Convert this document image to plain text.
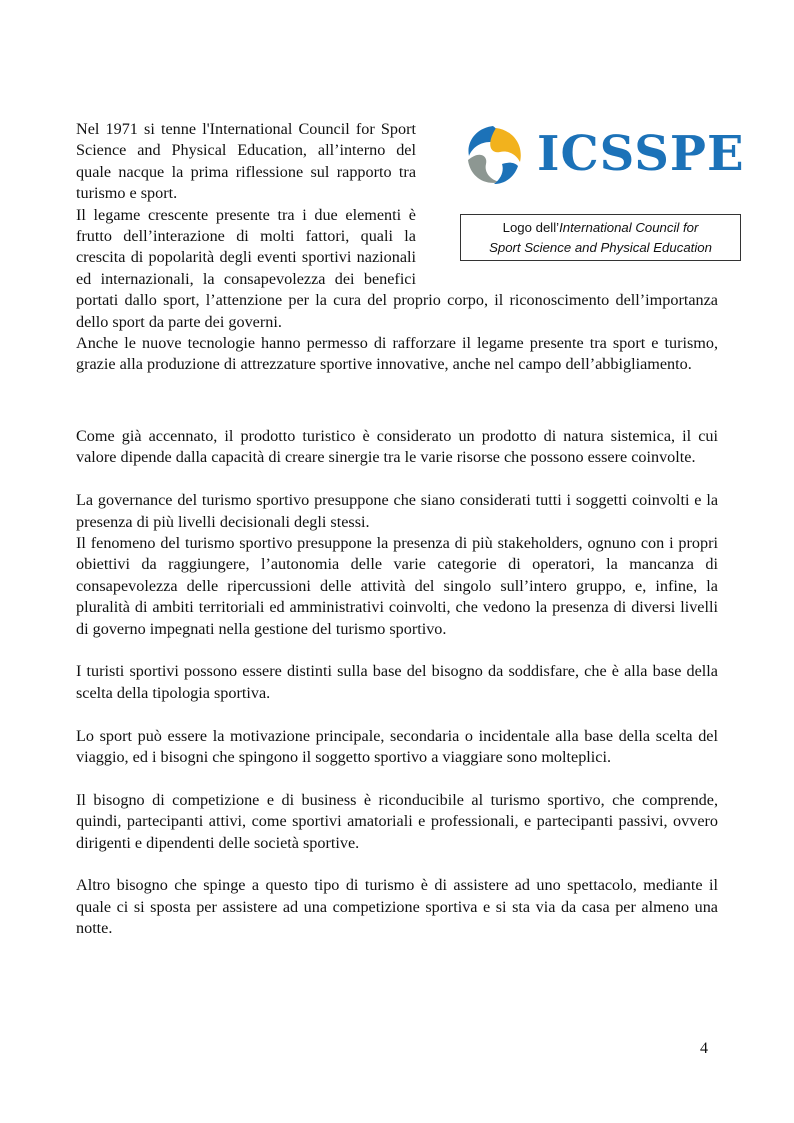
ICSSPE
Logo dell’International Council for
Sport Science and Physical Education

Nel 1971 si tenne l'International Council for Sport Science and Physical Education, all’interno del quale nacque la prima riflessione sul rapporto tra turismo e sport.

Il legame crescente presente tra i due elementi è frutto dell’interazione di molti fattori, quali la crescita di popolarità degli eventi sportivi nazionali ed internazionali, la consapevolezza dei benefici portati dallo sport, l’attenzione per la cura del proprio corpo, il riconoscimento dell’importanza dello sport da parte dei governi.

Anche le nuove tecnologie hanno permesso di rafforzare il legame presente tra sport e turismo, grazie alla produzione di attrezzature sportive innovative, anche nel campo dell’abbigliamento.

Come già accennato, il prodotto turistico è considerato un prodotto di natura sistemica, il cui valore dipende dalla capacità di creare sinergie tra le varie risorse che possono essere coinvolte.

La governance del turismo sportivo presuppone che siano considerati tutti i soggetti coinvolti e la presenza di più livelli decisionali degli stessi.

Il fenomeno del turismo sportivo presuppone la presenza di più stakeholders, ognuno con i propri obiettivi da raggiungere, l’autonomia delle varie categorie di operatori, la mancanza di consapevolezza delle ripercussioni delle attività del singolo sull’intero gruppo, e, infine, la pluralità di ambiti territoriali ed amministrativi coinvolti, che vedono la presenza di diversi livelli di governo impegnati nella gestione del turismo sportivo.

I turisti sportivi possono essere distinti sulla base del bisogno da soddisfare, che è alla base della scelta della tipologia sportiva.

Lo sport può essere la motivazione principale, secondaria o incidentale alla base della scelta del viaggio, ed i bisogni che spingono il soggetto sportivo a viaggiare sono molteplici.

Il bisogno di competizione e di business è riconducibile al turismo sportivo, che comprende, quindi, partecipanti attivi, come sportivi amatoriali e professionali, e partecipanti passivi, ovvero dirigenti e dipendenti delle società sportive.

Altro bisogno che spinge a questo tipo di turismo è di assistere ad uno spettacolo, mediante il quale ci si sposta per assistere ad una competizione sportiva e si sta via da casa per almeno una notte.

4
